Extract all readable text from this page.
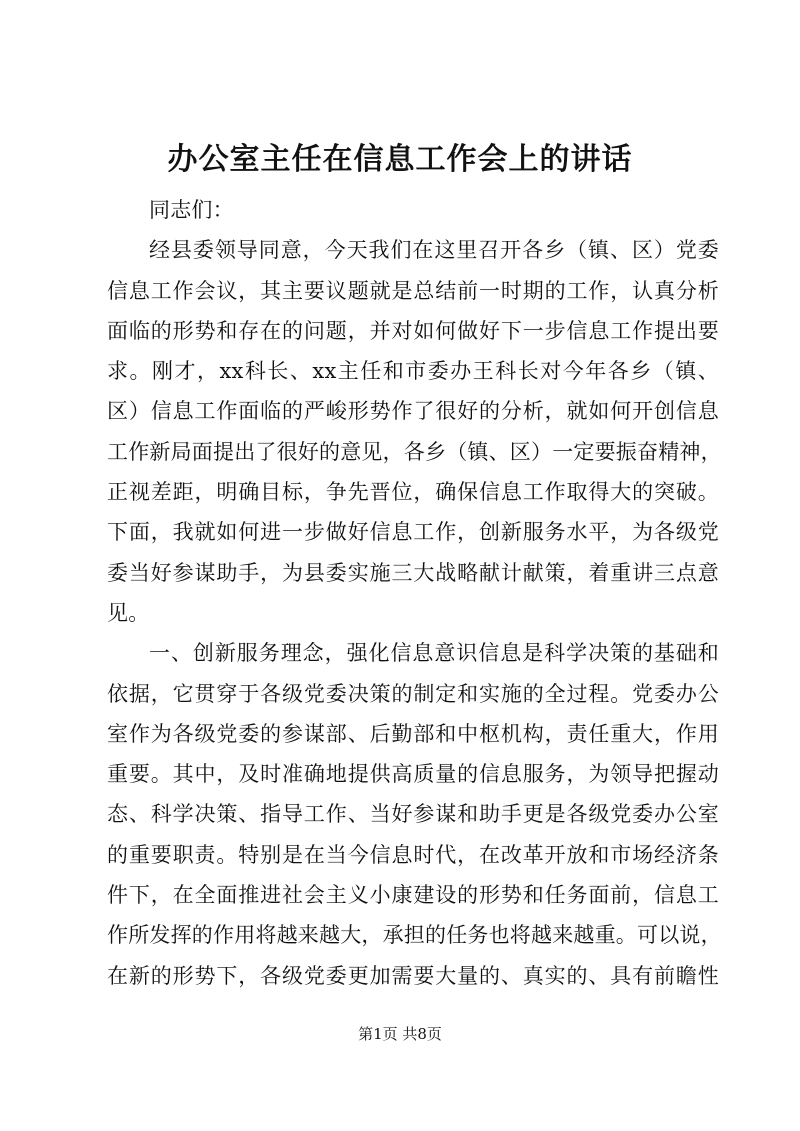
办公室主任在信息工作会上的讲话

同志们：

经县委领导同意，今天我们在这里召开各乡（镇、区）党委

信息工作会议，其主要议题就是总结前一时期的工作，认真分析

面临的形势和存在的问题，并对如何做好下一步信息工作提出要

求。刚才，xx科长、xx主任和市委办王科长对今年各乡（镇、

区）信息工作面临的严峻形势作了很好的分析，就如何开创信息

工作新局面提出了很好的意见，各乡（镇、区）一定要振奋精神，

正视差距，明确目标，争先晋位，确保信息工作取得大的突破。

下面，我就如何进一步做好信息工作，创新服务水平，为各级党

委当好参谋助手，为县委实施三大战略献计献策，着重讲三点意

见。

一、创新服务理念，强化信息意识信息是科学决策的基础和

依据，它贯穿于各级党委决策的制定和实施的全过程。党委办公

室作为各级党委的参谋部、后勤部和中枢机构，责任重大，作用

重要。其中，及时准确地提供高质量的信息服务，为领导把握动

态、科学决策、指导工作、当好参谋和助手更是各级党委办公室

的重要职责。特别是在当今信息时代，在改革开放和市场经济条

件下，在全面推进社会主义小康建设的形势和任务面前，信息工

作所发挥的作用将越来越大，承担的任务也将越来越重。可以说，

在新的形势下，各级党委更加需要大量的、真实的、具有前瞻性

第1页 共8页
